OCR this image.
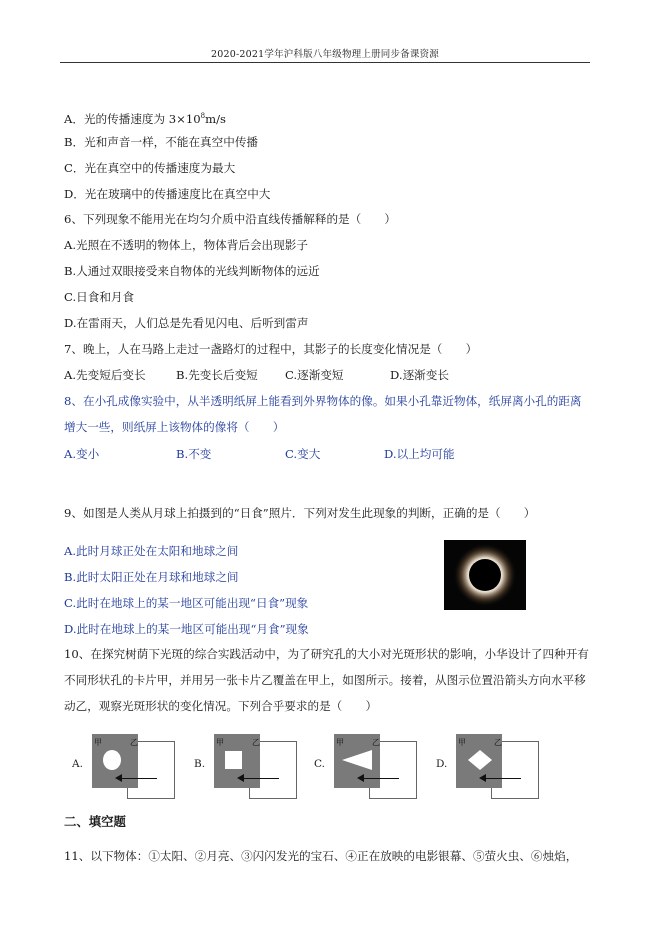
2020-2021学年沪科版八年级物理上册同步备课资源
A．光的传播速度为 $3\times 10^8m/s$
B．光和声音一样，不能在真空中传播
C．光在真空中的传播速度为最大
D．光在玻璃中的传播速度比在真空中大
6、下列现象不能用光在均匀介质中沿直线传播解释的是（　　）
A.光照在不透明的物体上，物体背后会出现影子
B.人通过双眼接受来自物体的光线判断物体的远近
C.日食和月食
D.在雷雨天，人们总是先看见闪电、后听到雷声
7、晚上，人在马路上走过一盏路灯的过程中，其影子的长度变化情况是（　　）
A.先变短后变长	B.先变长后变短 C.逐渐变短	D.逐渐变长
8、在小孔成像实验中，从半透明纸屏上能看到外界物体的像。如果小孔靠近物体，纸屏离小孔的距离
增大一些，则纸屏上该物体的像将（　　）
A.变小	B.不变	C.变大	D.以上均可能
9、如图是人类从月球上拍摄到的“日食”照片．下列对发生此现象的判断，正确的是（　　）
A.此时月球正处在太阳和地球之间
B.此时太阳正处在月球和地球之间
C.此时在地球上的某一地区可能出现“日食”现象
D.此时在地球上的某一地区可能出现“月食”现象
10、在探究树荫下光斑的综合实践活动中，为了研究孔的大小对光斑形状的影响，小华设计了四种开有
不同形状孔的卡片甲，并用另一张卡片乙覆盖在甲上，如图所示。接着，从图示位置沿箭头方向水平移
动乙，观察光斑形状的变化情况。下列合乎要求的是（　　）
A.
甲	乙
B.
甲	乙
C.
甲	乙
D.
甲	乙
二、填空题
11、以下物体：①太阳、②月亮、③闪闪发光的宝石、④正在放映的电影银幕、⑤萤火虫、⑥烛焰，
